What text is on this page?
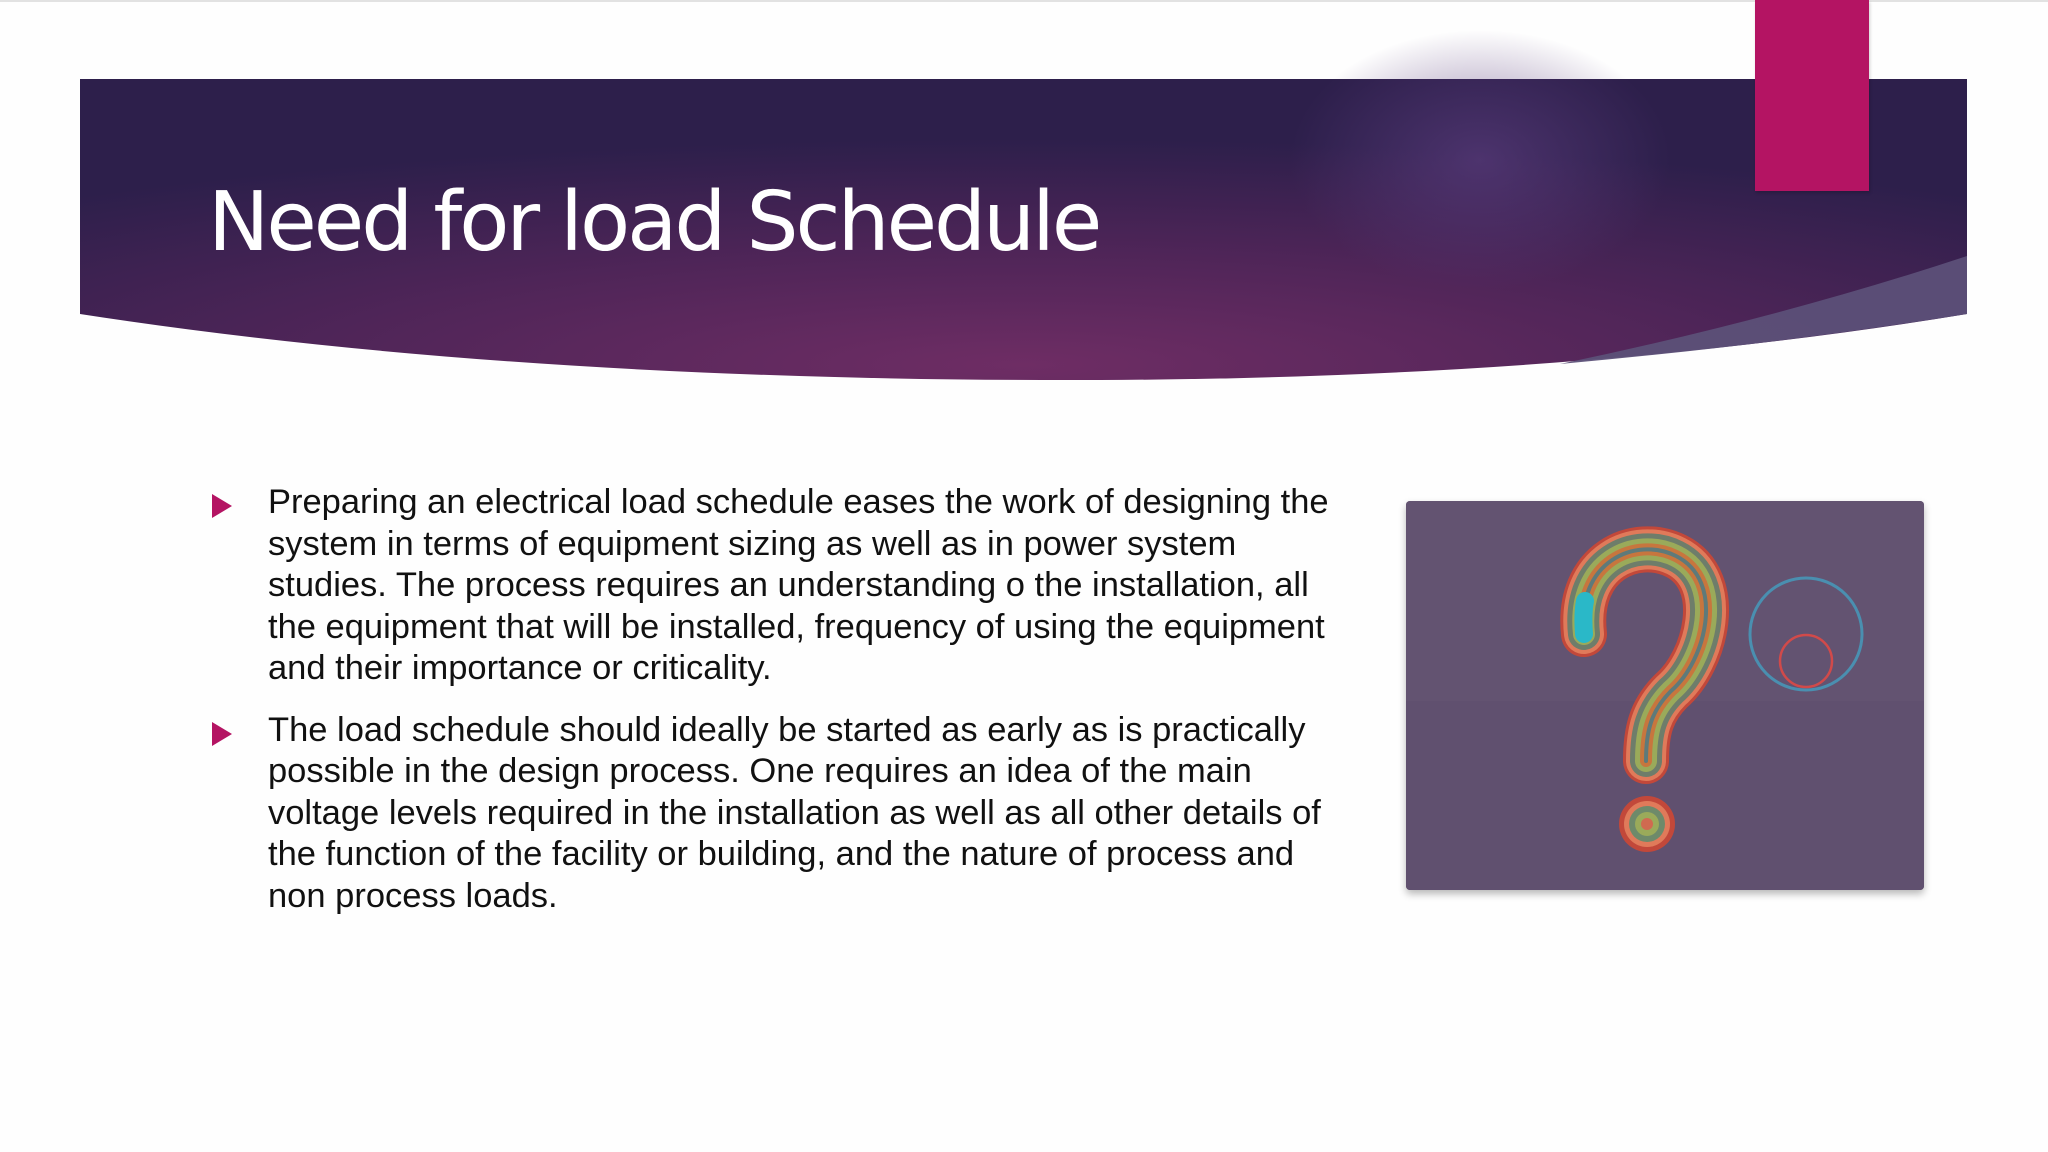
Need for load Schedule
Preparing an electrical load schedule eases the work of designing the system in terms of equipment sizing as well as in power system studies. The process requires an understanding o the installation, all the equipment that will be installed, frequency of using the equipment and their importance or criticality.
The load schedule should ideally be started as early as is practically possible in the design process. One requires an idea of the main voltage levels required in the installation as well as all other details of the function of the facility or building, and the nature of process and non process loads.
